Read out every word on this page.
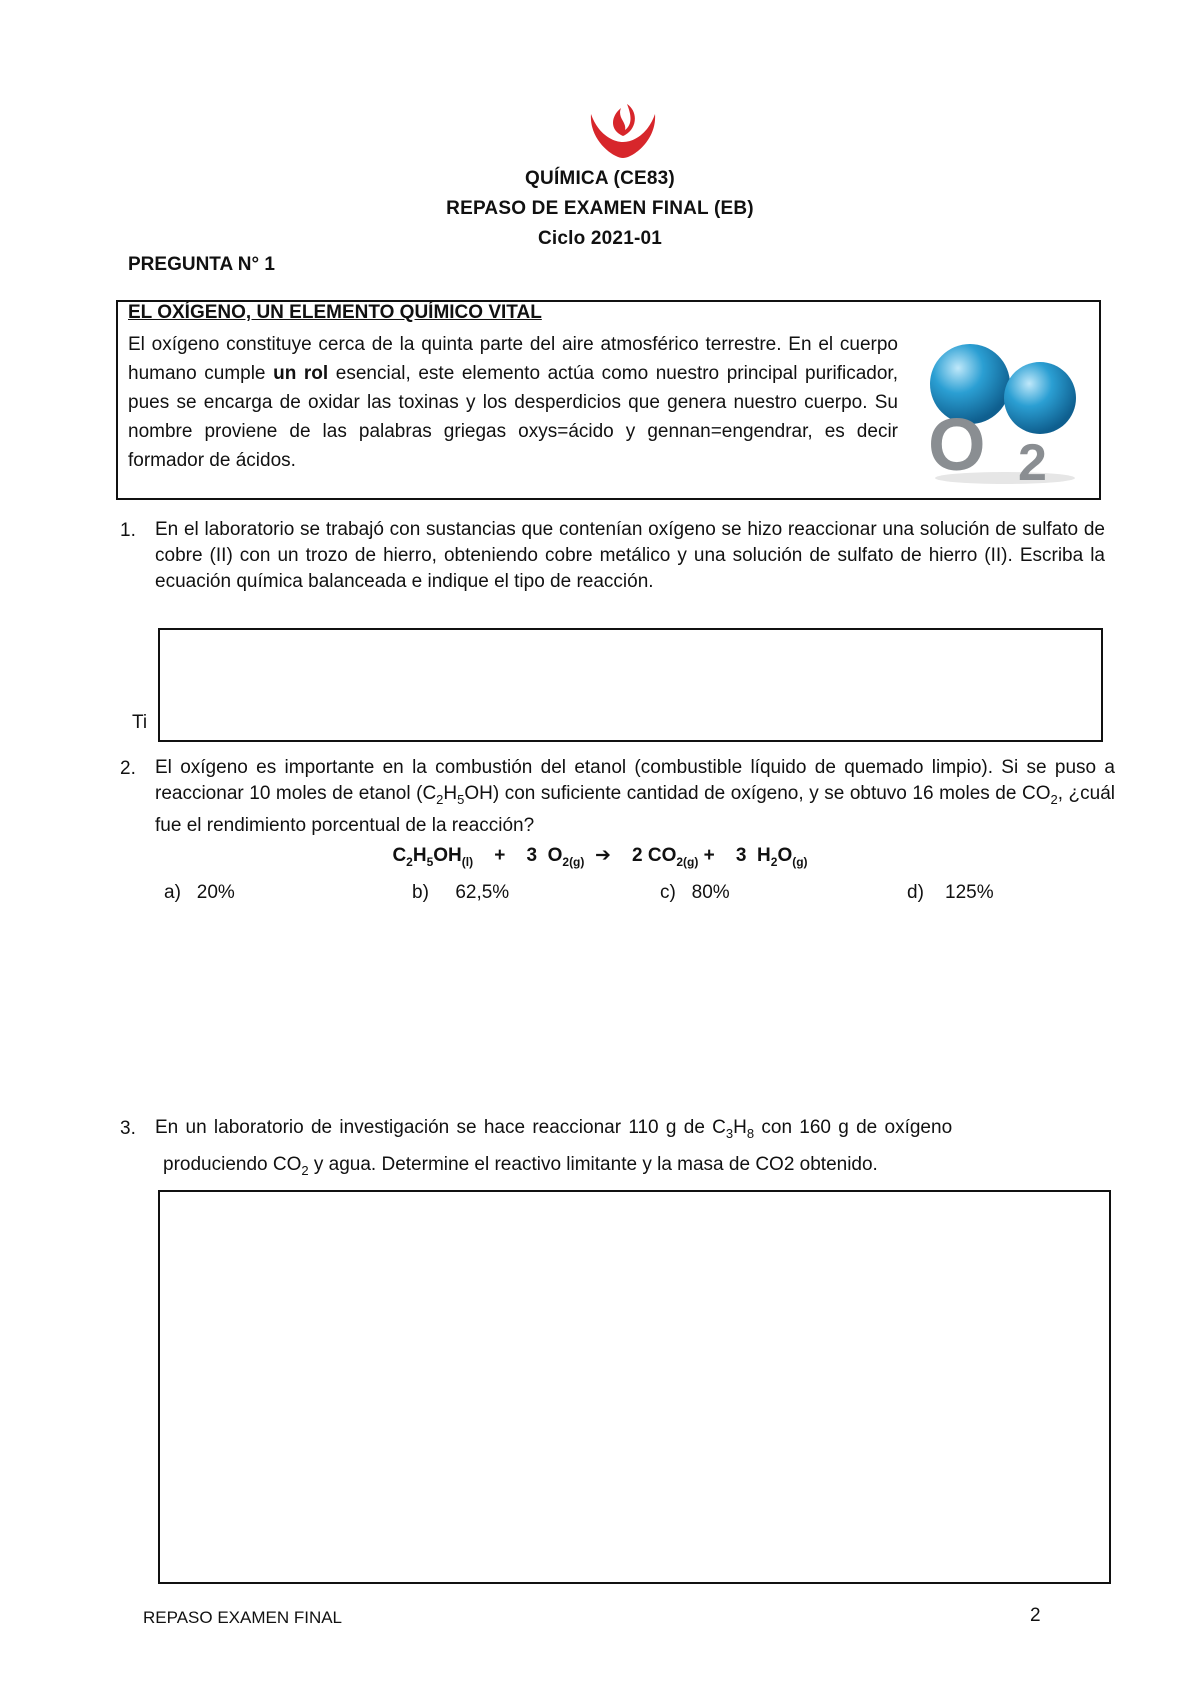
QUÍMICA (CE83)
REPASO DE EXAMEN FINAL (EB)
Ciclo 2021-01
PREGUNTA N° 1
EL OXÍGENO, UN ELEMENTO QUÍMICO VITAL
El oxígeno constituye cerca de la quinta parte del aire atmosférico terrestre. En el cuerpo humano cumple un rol esencial, este elemento actúa como nuestro principal purificador, pues se encarga de oxidar las toxinas y los desperdicios que genera nuestro cuerpo. Su nombre proviene de las palabras griegas oxys=ácido y gennan=engendrar, es decir formador de ácidos.	O 2
1. En el laboratorio se trabajó con sustancias que contenían oxígeno se hizo reaccionar una solución de sulfato de cobre (II) con un trozo de hierro, obteniendo cobre metálico y una solución de sulfato de hierro (II). Escriba la ecuación química balanceada e indique el tipo de reacción.
Ti
2. El oxígeno es importante en la combustión del etanol (combustible líquido de quemado limpio). Si se puso a reaccionar 10 moles de etanol $(C_2H_5OH)$ con suficiente cantidad de oxígeno, y se obtuvo 16 moles de $CO_2$, ¿cuál fue el rendimiento porcentual de la reacción?
$C_2H_5OH_{(l)} + 3$ $O_{2(g)}$ ➔ 2 $CO_{2(g)} + 3$ $H_2O_{(g)}$
a) 20%	b) 62,5%	c) 80%	d) 125%
3. En un laboratorio de investigación se hace reaccionar 110 g de $C_3H_8$ con 160 g de oxígeno
produciendo $CO_2$ y agua. Determine el reactivo limitante y la masa de CO2 obtenido.
REPASO EXAMEN FINAL	2
